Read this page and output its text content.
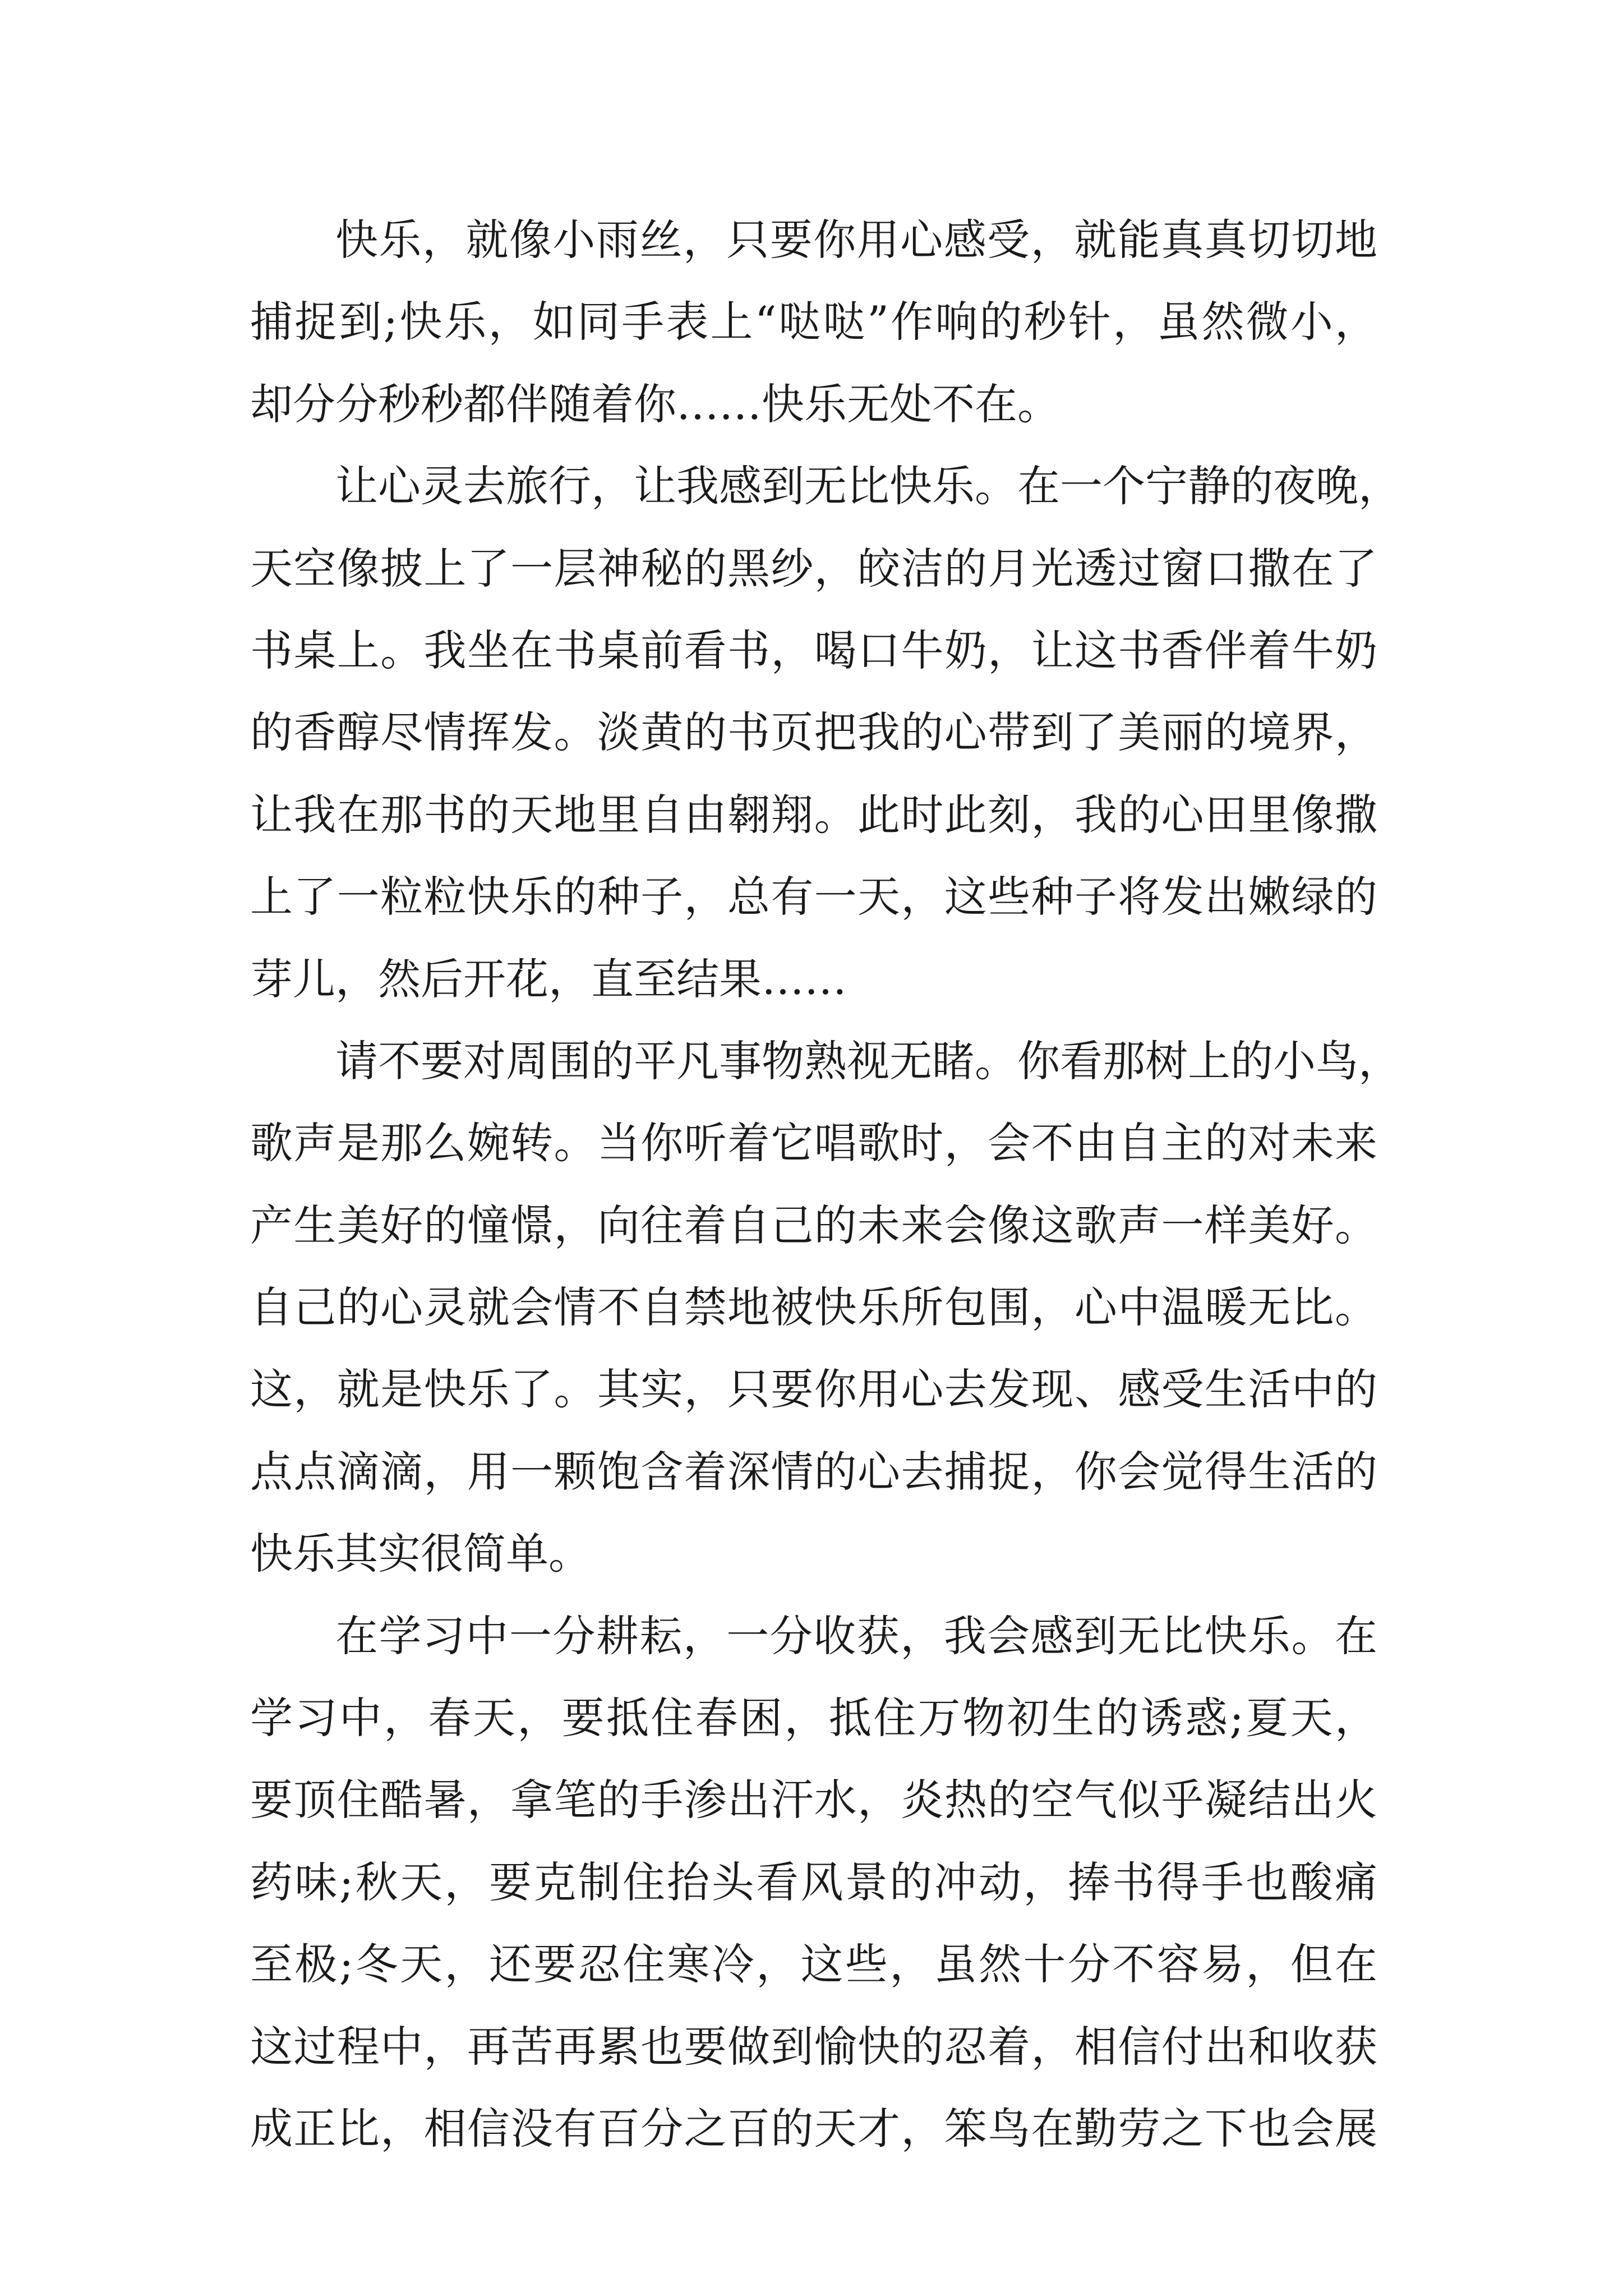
快乐，就像小雨丝，只要你用心感受，就能真真切切地
捕捉到;快乐，如同手表上“哒哒”作响的秒针，虽然微小，
却分分秒秒都伴随着你……快乐无处不在。
让心灵去旅行，让我感到无比快乐。在一个宁静的夜晚，
天空像披上了一层神秘的黑纱，皎洁的月光透过窗口撒在了
书桌上。我坐在书桌前看书，喝口牛奶，让这书香伴着牛奶
的香醇尽情挥发。淡黄的书页把我的心带到了美丽的境界，
让我在那书的天地里自由翱翔。此时此刻，我的心田里像撒
上了一粒粒快乐的种子，总有一天，这些种子将发出嫩绿的
芽儿，然后开花，直至结果……
请不要对周围的平凡事物熟视无睹。你看那树上的小鸟，
歌声是那么婉转。当你听着它唱歌时，会不由自主的对未来
产生美好的憧憬，向往着自己的未来会像这歌声一样美好。
自己的心灵就会情不自禁地被快乐所包围，心中温暖无比。
这，就是快乐了。其实，只要你用心去发现、感受生活中的
点点滴滴，用一颗饱含着深情的心去捕捉，你会觉得生活的
快乐其实很简单。
在学习中一分耕耘，一分收获，我会感到无比快乐。在
学习中，春天，要抵住春困，抵住万物初生的诱惑;夏天，
要顶住酷暑，拿笔的手渗出汗水，炎热的空气似乎凝结出火
药味;秋天，要克制住抬头看风景的冲动，捧书得手也酸痛
至极;冬天，还要忍住寒冷，这些，虽然十分不容易，但在
这过程中，再苦再累也要做到愉快的忍着，相信付出和收获
成正比，相信没有百分之百的天才，笨鸟在勤劳之下也会展
